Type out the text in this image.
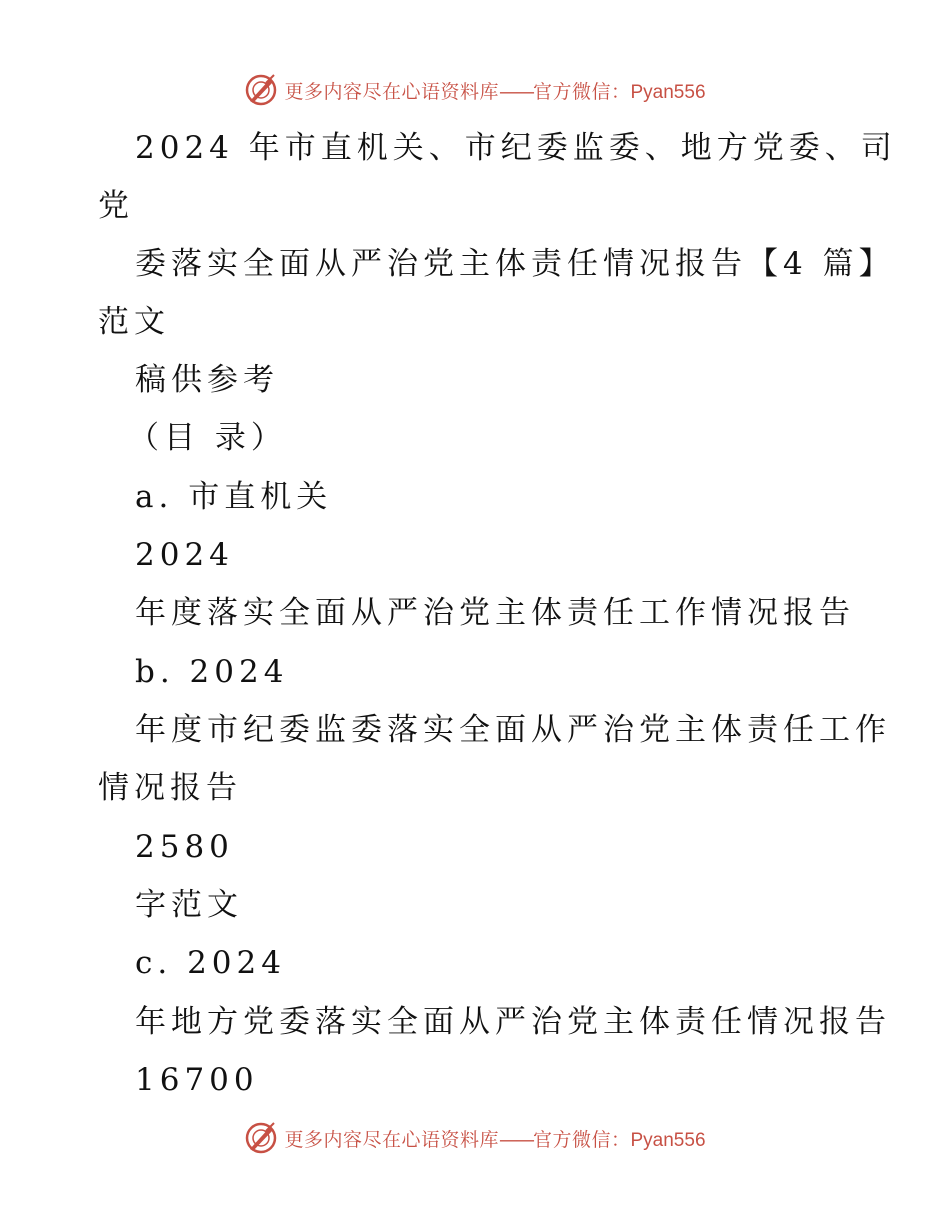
更多内容尽在心语资料库——官方微信：Pyan556
2024 年市直机关、市纪委监委、地方党委、司
党
委落实全面从严治党主体责任情况报告【4 篇】
范文
稿供参考
（目 录）
a. 市直机关
2024
年度落实全面从严治党主体责任工作情况报告
b. 2024
年度市纪委监委落实全面从严治党主体责任工作
情况报告
2580
字范文
c. 2024
年地方党委落实全面从严治党主体责任情况报告
16700
更多内容尽在心语资料库——官方微信：Pyan556
